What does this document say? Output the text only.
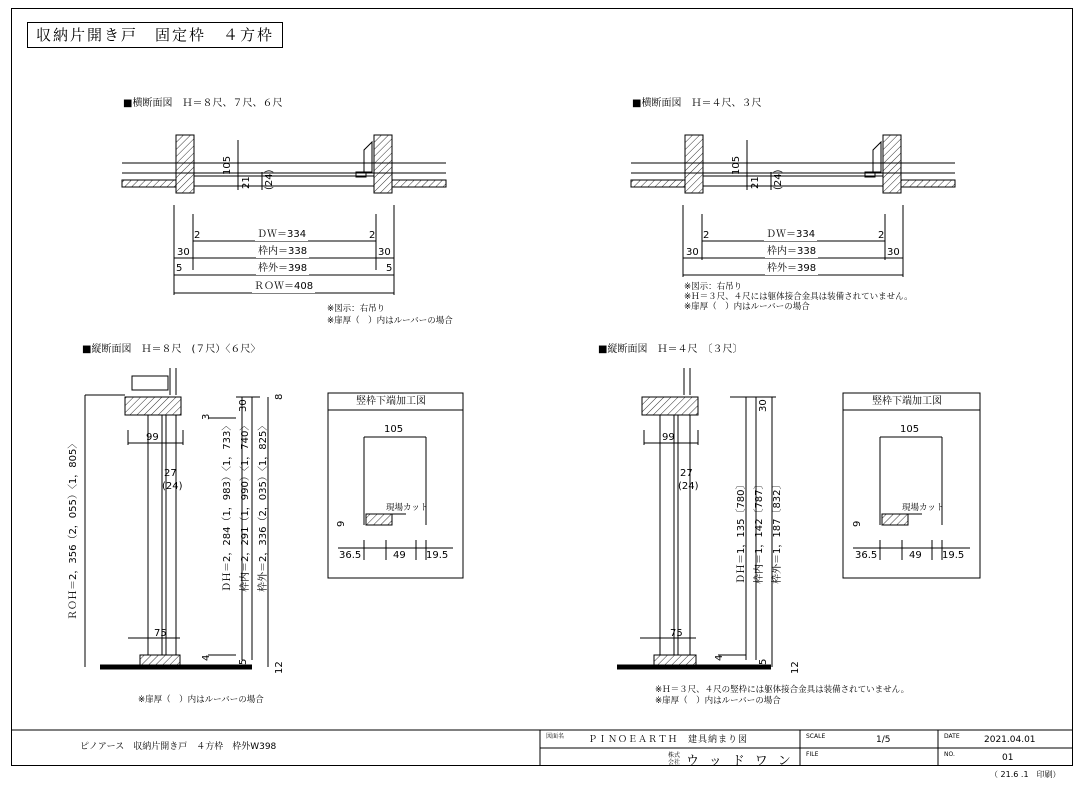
収納片開き戸　固定枠　４方枠
■横断面図　Ｈ＝８尺、７尺、６尺
105
21 (24)
2	2
ＤＷ＝334
30	30
枠内＝338
5	5
枠外＝398
ＲＯＷ＝408
※図示：右吊り
※扉厚（　）内はルーバーの場合
■横断面図　Ｈ＝４尺、３尺
105
21 (24)
2	2
ＤＷ＝334
30	30
枠内＝338
枠外＝398
※図示：右吊り
※Ｈ＝３尺、４尺には躯体接合金具は装備されていません。
※扉厚（　）内はルーバーの場合
■縦断面図　Ｈ＝８尺　(７尺）〈６尺〉
ＲＯＨ＝2，356（2，055）〈1，805〉
99
27
(24)
75
3
30
8
ＤＨ＝2，284（1，983）〈1，733〉 枠内＝2，291（1，990）〈1，740〉 枠外＝2，336（2，035）〈1，825〉
4
5	12
※扉厚（　）内はルーバーの場合
竪枠下端加工図
105
現場カット
9
36.5	49 19.5
■縦断面図　Ｈ＝４尺　〔３尺〕
99
27
(24)
75
30
ＤＨ＝1，135〔780〕 枠内＝1，142〔787〕 枠外＝1，187〔832〕
4
5 12
※Ｈ＝３尺、４尺の竪枠には躯体接合金具は装備されていません。
※扉厚（　）内はルーバーの場合
竪枠下端加工図
105
現場カット
9
36.5	49 19.5
ピノアース　収納片開き戸　４方枠　枠外W398
図面名	ＰＩＮＯＥＡＲＴＨ　建具納まり図
株式会社 ウッドワン
SCALE	1/5
FILE
DATE	2021.04.01
NO.	01
（ 21.6 .1　印刷）
